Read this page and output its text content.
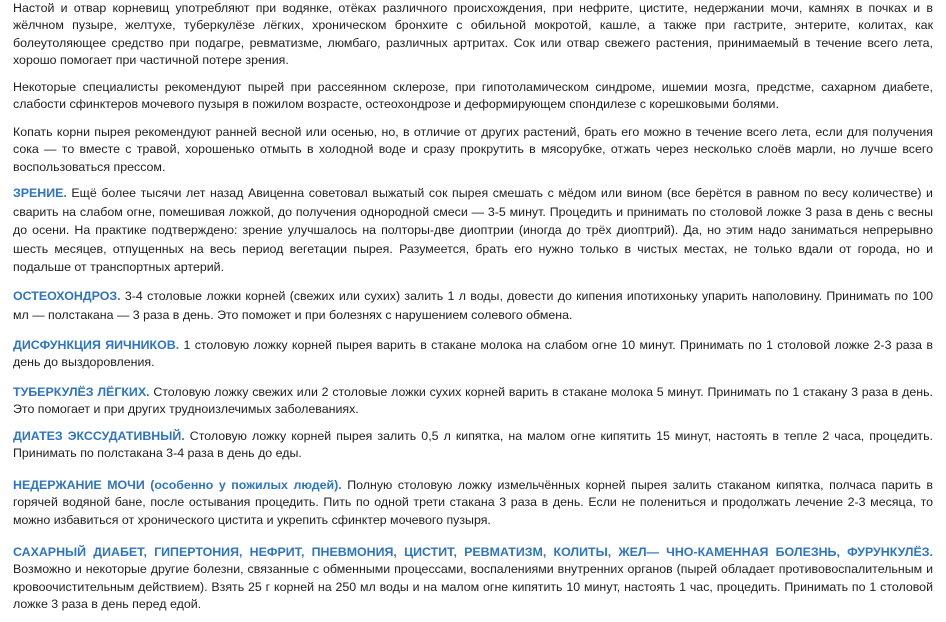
Настой и отвар корневищ употребляют при водянке, отёках различного происхождения, при нефрите, цистите, недержании мочи, камнях в почках и в жёлчном пузыре, желтухе, туберкулёзе лёгких, хроническом бронхите с обильной мокротой, кашле, а также при гастрите, энтерите, колитах, как болеутоляющее средство при подагре, ревматизме, люмбаго, различных артритах. Сок или отвар свежего растения, принимаемый в течение всего лета, хорошо помогает при частичной потере зрения.

Некоторые специалисты рекомендуют пырей при рассеянном склерозе, при гипотоламическом синдроме, ишемии мозга, предстме, сахарном диабете, слабости сфинктеров мочевого пузыря в пожилом возрасте, остеохондрозе и деформирующем спондилезе с корешковыми болями.

Копать корни пырея рекомендуют ранней весной или осенью, но, в отличие от других растений, брать его можно в течение всего лета, если для получения сока — то вместе с травой, хорошенько отмыть в холодной воде и сразу прокрутить в мясорубке, отжать через несколько слоёв марли, но лучше всего воспользоваться прессом.

ЗРЕНИЕ. Ещё более тысячи лет назад Авиценна советовал выжатый сок пырея смешать с мёдом или вином (все берётся в равном по весу количестве) и сварить на слабом огне, помешивая ложкой, до получения однородной смеси — 3-5 минут. Процедить и принимать по столовой ложке 3 раза в день с весны до осени. На практике подтверждено: зрение улучшалось на полторы-две диоптрии (иногда до трёх диоптрий). Да, но этим надо заниматься непрерывно шесть месяцев, отпущенных на весь период вегетации пырея. Разумеется, брать его нужно только в чистых местах, не только вдали от города, но и подальше от транспортных артерий.

ОСТЕОХОНДРОЗ. 3-4 столовые ложки корней (свежих или сухих) залить 1 л воды, довести до кипения ипотихоньку упарить наполовину. Принимать по 100 мл — полстакана — 3 раза в день. Это поможет и при болезнях с нарушением солевого обмена.

ДИСФУНКЦИЯ ЯИЧНИКОВ. 1 столовую ложку корней пырея варить в стакане молока на слабом огне 10 минут. Принимать по 1 столовой ложке 2-3 раза в день до выздоровления.

ТУБЕРКУЛЁЗ ЛЁГКИХ. Столовую ложку свежих или 2 столовые ложки сухих корней варить в стакане молока 5 минут. Принимать по 1 стакану 3 раза в день. Это помогает и при других трудноизлечимых заболеваниях.

ДИАТЕЗ ЭКССУДАТИВНЫЙ. Столовую ложку корней пырея залить 0,5 л кипятка, на малом огне кипятить 15 минут, настоять в тепле 2 часа, процедить. Принимать по полстакана 3-4 раза в день до еды.

НЕДЕРЖАНИЕ МОЧИ (особенно у пожилых людей). Полную столовую ложку измельчённых корней пырея залить стаканом кипятка, полчаса парить в горячей водяной бане, после остывания процедить. Пить по одной трети стакана 3 раза в день. Если не полениться и продолжать лечение 2-3 месяца, то можно избавиться от хронического цистита и укрепить сфинктер мочевого пузыря.

САХАРНЫЙ ДИАБЕТ, ГИПЕРТОНИЯ, НЕФРИТ, ПНЕВМОНИЯ, ЦИСТИТ, РЕВМАТИЗМ, КОЛИТЫ, ЖЕЛ— ЧНО-КАМЕННАЯ БОЛЕЗНЬ, ФУРУНКУЛЁЗ. Возможно и некоторые другие болезни, связанные с обменными процессами, воспалениями внутренних органов (пырей обладает противовоспалительным и кровоочистительным действием). Взять 25 г корней на 250 мл воды и на малом огне кипятить 10 минут, настоять 1 час, процедить. Принимать по 1 столовой ложке 3 раза в день перед едой.
